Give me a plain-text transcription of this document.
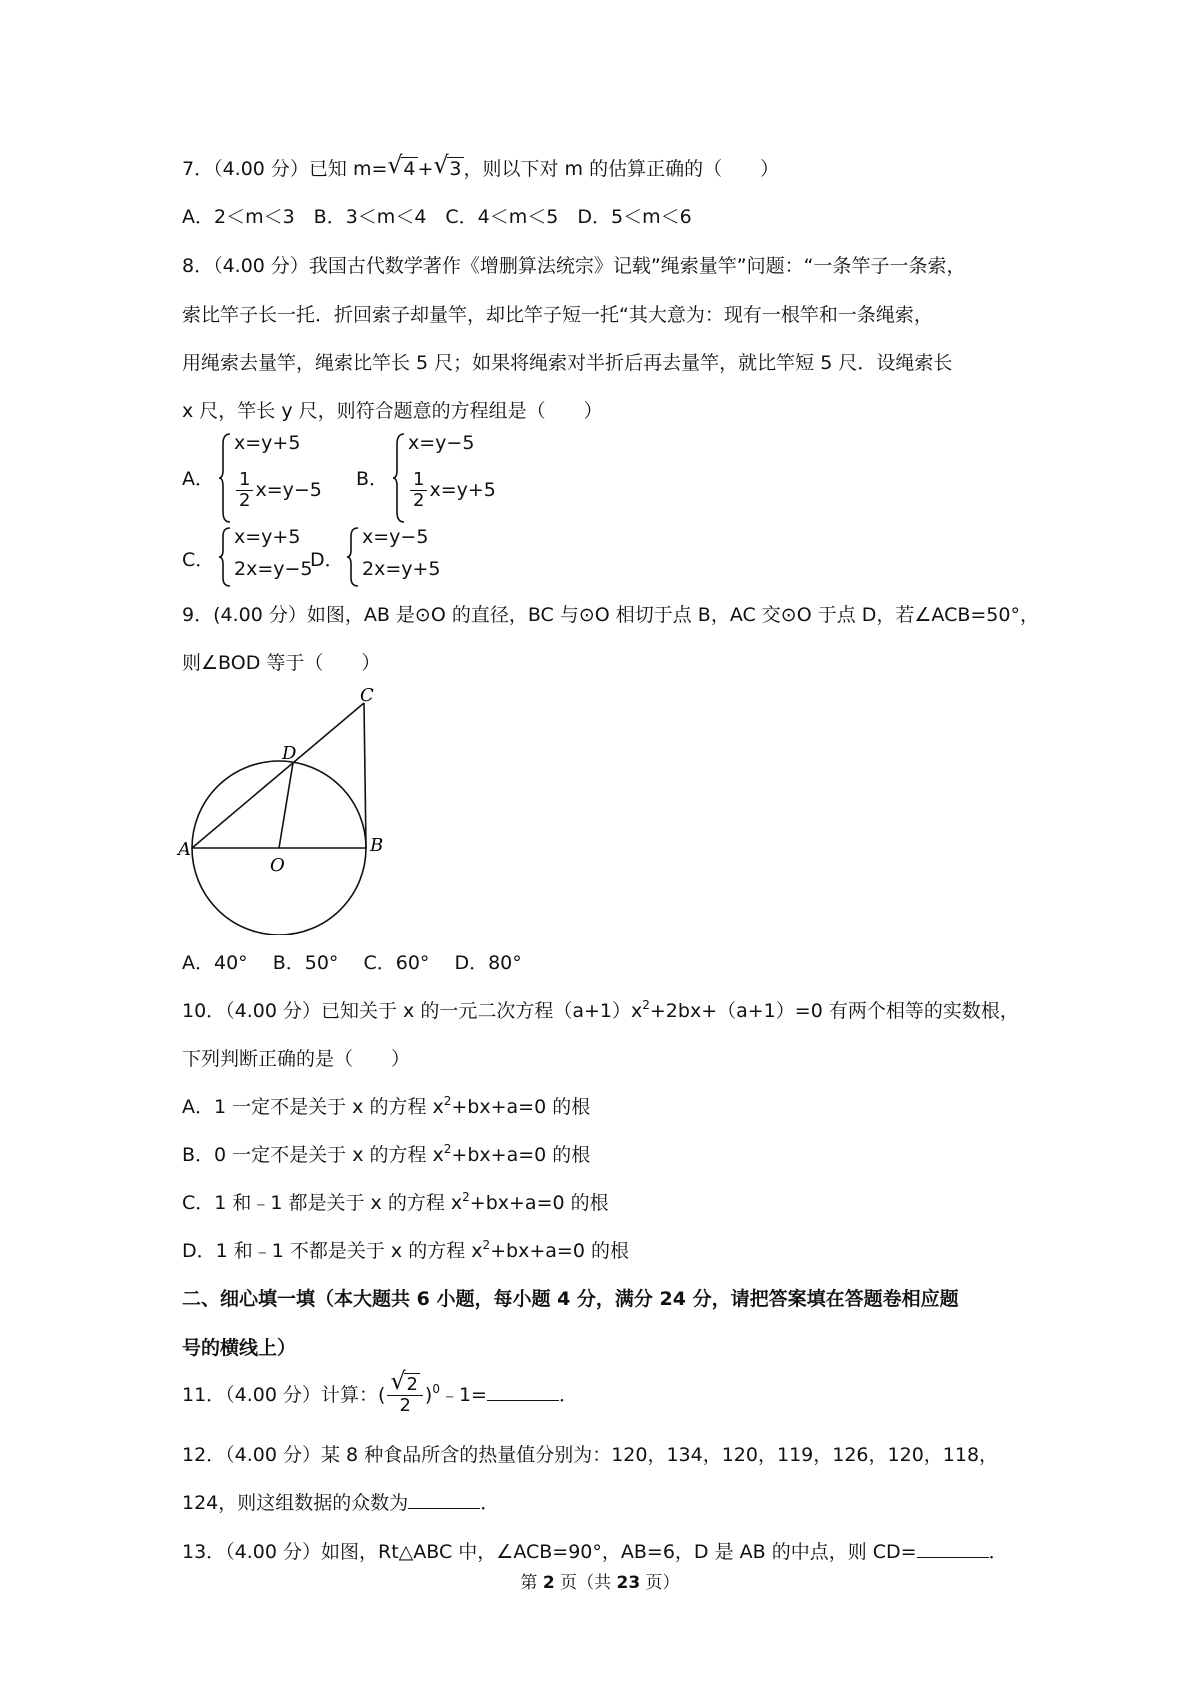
7．（4.00 分）已知 m= √ 4 + √ 3 ，则以下对 m 的估算正确的（　　）
A．2＜m＜3　B．3＜m＜4　C．4＜m＜5　D．5＜m＜6
8．（4.00 分）我国古代数学著作《增删算法统宗》记载”绳索量竿”问题：“一条竿子一条索，
索比竿子长一托．折回索子却量竿，却比竿子短一托“其大意为：现有一根竿和一条绳索，
用绳索去量竿，绳索比竿长 5 尺；如果将绳索对半折后再去量竿，就比竿短 5 尺．设绳索长
x 尺，竿长 y 尺，则符合题意的方程组是（　　）
A．
x=y+5
$\frac{1}{2} x=y-5$ B．
x=y−5
$\frac{1}{2} x=y+5$
C．
x=y+5
2x=y−5
D．
x=y−5
2x=y+5
9．(4.00 分）如图，AB 是⊙O 的直径，BC 与⊙O 相切于点 B，AC 交⊙O 于点 D，若∠ACB=50°，
则∠BOD 等于（　　）
A	B
C
D
O
A．40°　 B．50°　 C．60°　 D．80°
10．（4.00 分）已知关于 x 的一元二次方程$(a+1)x^2+2bx+(a+1)=0$ 有两个相等的实数根，
下列判断正确的是（　　）
A．1 一定不是关于 x 的方程 $x^2+bx+a=0$ 的根
B．0 一定不是关于 x 的方程 $x^2+bx+a=0$ 的根
C．1 和﹣1 都是关于 x 的方程 $x^2+bx+a=0$ 的根
D．1 和﹣1 不都是关于 x 的方程 $x^2+bx+a=0$ 的根
二、细心填一填（本大题共 6 小题，每小题 4 分，满分 24 分，请把答案填在答题卷相应题
号的横线上）
11．（4.00 分）计算：( $\frac{√ 2}{2}$ )$^0$﹣1=	．
12．（4.00 分）某 8 种食品所含的热量值分别为：120，134，120，119，126，120，118，
124，则这组数据的众数为	．
13．（4.00 分）如图，Rt△ABC 中，∠ACB=90°，AB=6，D 是 AB 的中点，则 CD=	．
第 2 页（共 23 页）
